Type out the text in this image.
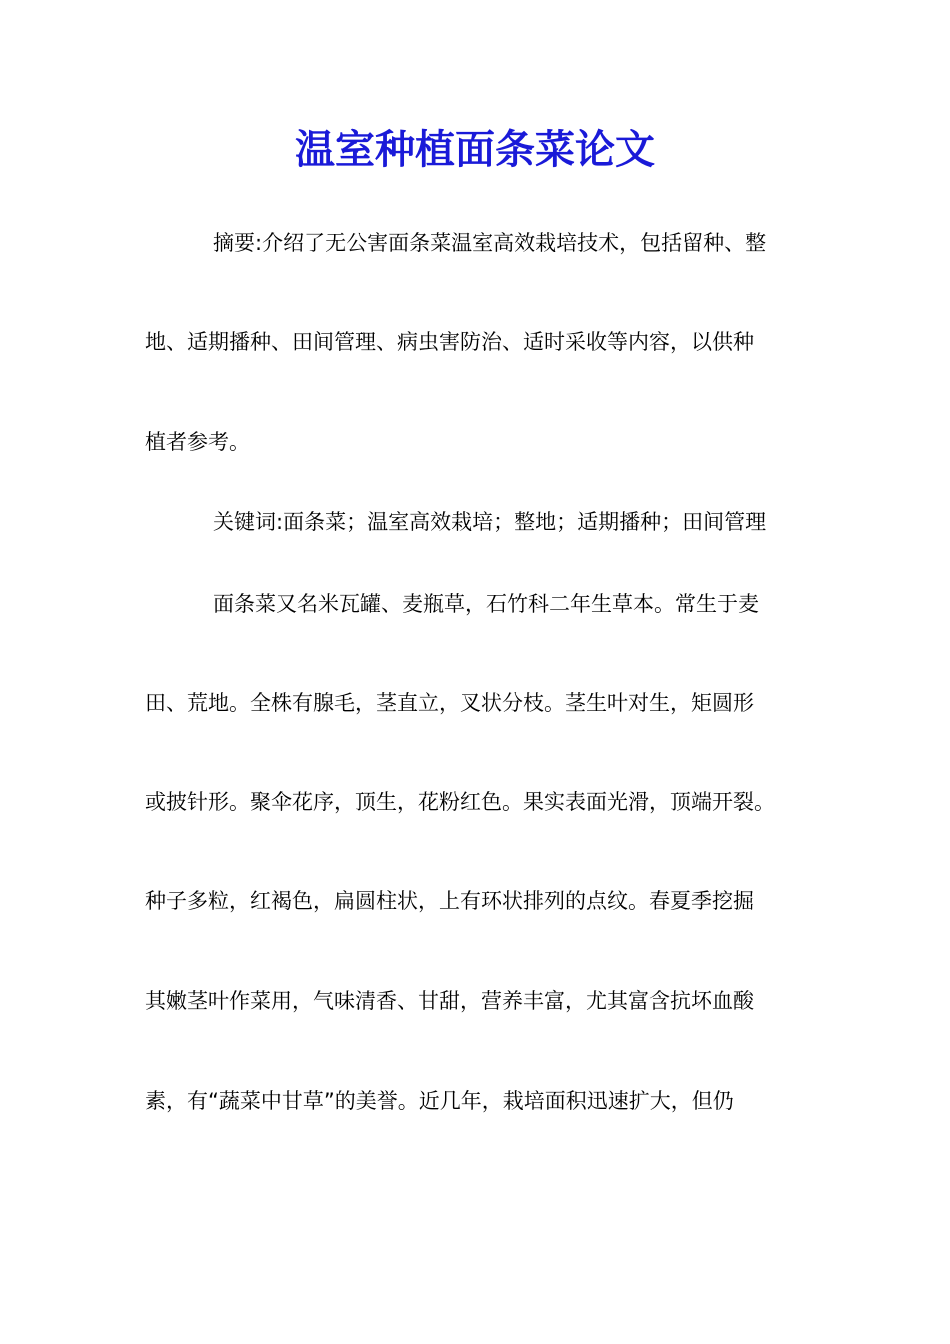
温室种植面条菜论文

摘要:介绍了无公害面条菜温室高效栽培技术，包括留种、整

地、适期播种、田间管理、病虫害防治、适时采收等内容，以供种

植者参考。

关键词:面条菜；温室高效栽培；整地；适期播种；田间管理

面条菜又名米瓦罐、麦瓶草，石竹科二年生草本。常生于麦

田、荒地。全株有腺毛，茎直立，叉状分枝。茎生叶对生，矩圆形

或披针形。聚伞花序，顶生，花粉红色。果实表面光滑，顶端开裂。

种子多粒，红褐色，扁圆柱状，上有环状排列的点纹。春夏季挖掘

其嫩茎叶作菜用，气味清香、甘甜，营养丰富，尤其富含抗坏血酸

素，有“蔬菜中甘草”的美誉。近几年，栽培面积迅速扩大，但仍
